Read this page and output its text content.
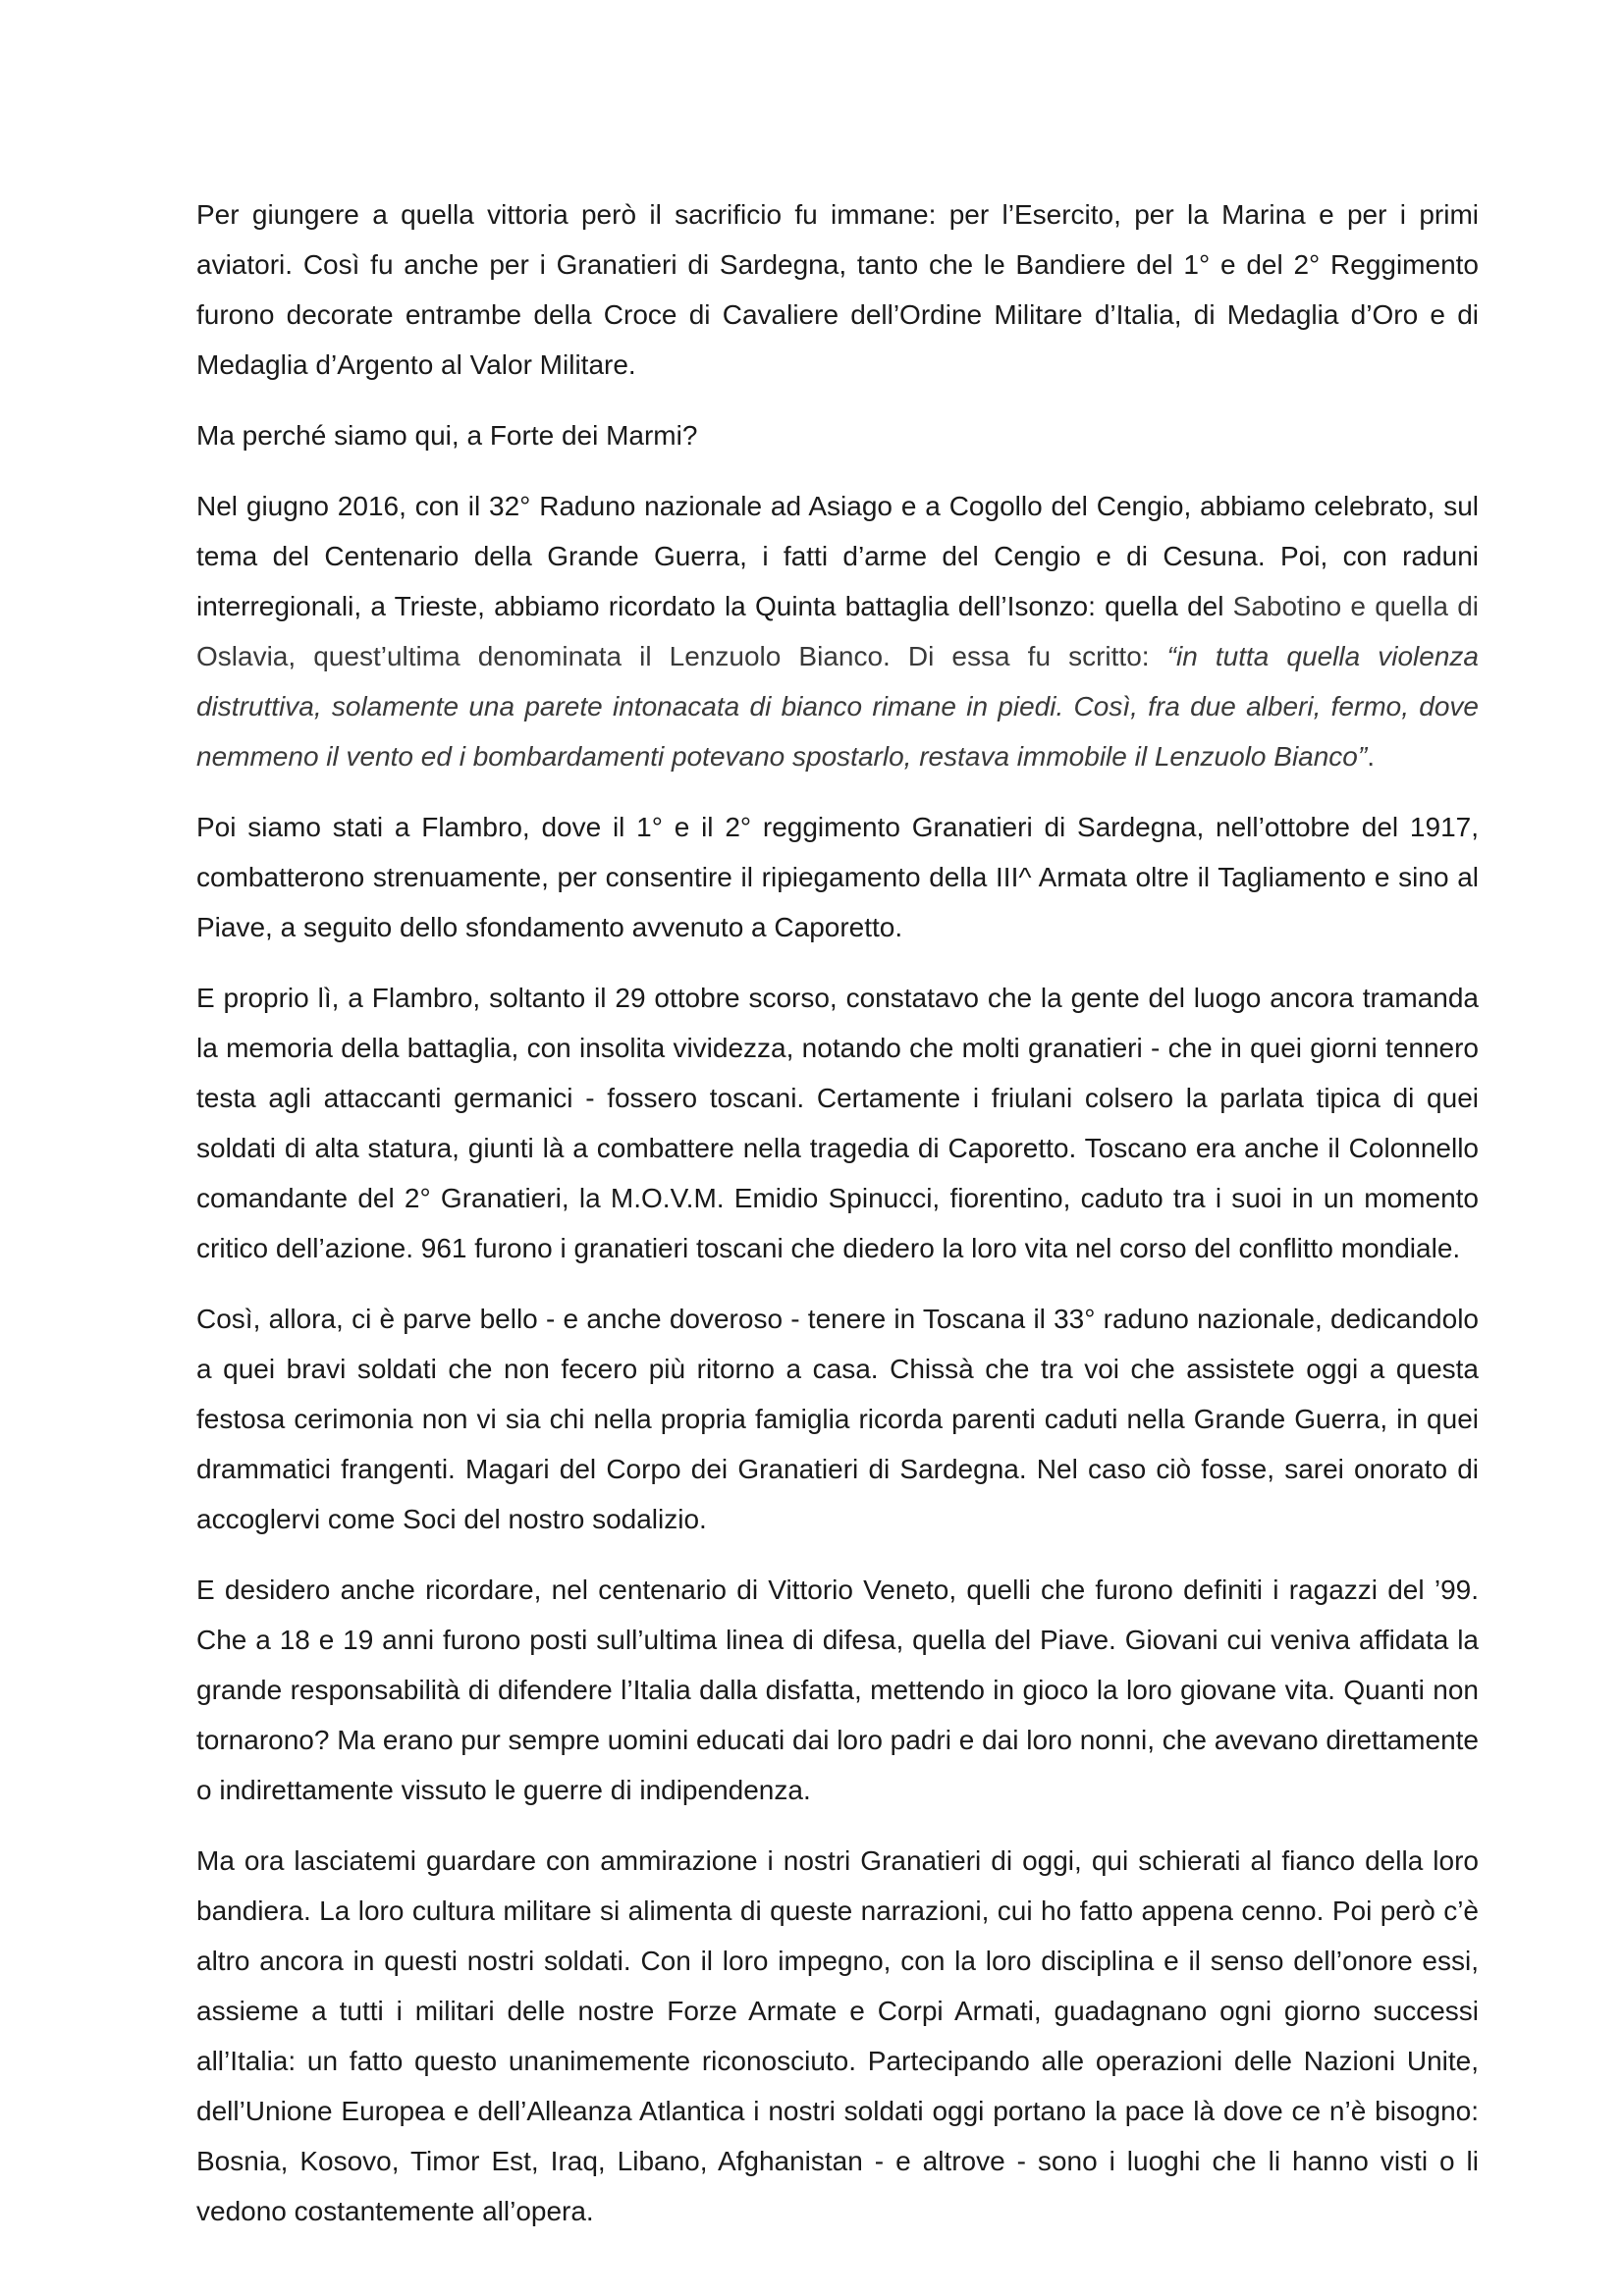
Per giungere a quella vittoria però il sacrificio fu immane: per l’Esercito, per la Marina e per i primi aviatori. Così fu anche per i Granatieri di Sardegna, tanto che le Bandiere del 1° e del 2° Reggimento furono decorate entrambe della Croce di Cavaliere dell’Ordine Militare d’Italia, di Medaglia d’Oro e di Medaglia d’Argento al Valor Militare.

Ma perché siamo qui, a Forte dei Marmi?

Nel giugno 2016, con il 32° Raduno nazionale ad Asiago e a Cogollo del Cengio, abbiamo celebrato, sul tema del Centenario della Grande Guerra, i fatti d’arme del Cengio e di Cesuna. Poi, con raduni interregionali, a Trieste, abbiamo ricordato la Quinta battaglia dell’Isonzo: quella del Sabotino e quella di Oslavia, quest’ultima denominata il Lenzuolo Bianco. Di essa fu scritto: “in tutta quella violenza distruttiva, solamente una parete intonacata di bianco rimane in piedi. Così, fra due alberi, fermo, dove nemmeno il vento ed i bombardamenti potevano spostarlo, restava immobile il Lenzuolo Bianco”.

Poi siamo stati a Flambro, dove il 1° e il 2° reggimento Granatieri di Sardegna, nell’ottobre del 1917, combatterono strenuamente, per consentire il ripiegamento della III^ Armata oltre il Tagliamento e sino al Piave, a seguito dello sfondamento avvenuto a Caporetto.

E proprio lì, a Flambro, soltanto il 29 ottobre scorso, constatavo che la gente del luogo ancora tramanda la memoria della battaglia, con insolita vividezza, notando che molti granatieri - che in quei giorni tennero testa agli attaccanti germanici - fossero toscani. Certamente i friulani colsero la parlata tipica di quei soldati di alta statura, giunti là a combattere nella tragedia di Caporetto. Toscano era anche il Colonnello comandante del 2° Granatieri, la M.O.V.M. Emidio Spinucci, fiorentino, caduto tra i suoi in un momento critico dell’azione. 961 furono i granatieri toscani che diedero la loro vita nel corso del conflitto mondiale.

Così, allora, ci è parve bello - e anche doveroso - tenere in Toscana il 33° raduno nazionale, dedicandolo a quei bravi soldati che non fecero più ritorno a casa. Chissà che tra voi che assistete oggi a questa festosa cerimonia non vi sia chi nella propria famiglia ricorda parenti caduti nella Grande Guerra, in quei drammatici frangenti. Magari del Corpo dei Granatieri di Sardegna. Nel caso ciò fosse, sarei onorato di accoglervi come Soci del nostro sodalizio.

E desidero anche ricordare, nel centenario di Vittorio Veneto, quelli che furono definiti i ragazzi del ’99. Che a 18 e 19 anni furono posti sull’ultima linea di difesa, quella del Piave. Giovani cui veniva affidata la grande responsabilità di difendere l’Italia dalla disfatta, mettendo in gioco la loro giovane vita. Quanti non tornarono? Ma erano pur sempre uomini educati dai loro padri e dai loro nonni, che avevano direttamente o indirettamente vissuto le guerre di indipendenza.

Ma ora lasciatemi guardare con ammirazione i nostri Granatieri di oggi, qui schierati al fianco della loro bandiera. La loro cultura militare si alimenta di queste narrazioni, cui ho fatto appena cenno. Poi però c’è altro ancora in questi nostri soldati. Con il loro impegno, con la loro disciplina e il senso dell’onore essi, assieme a tutti i militari delle nostre Forze Armate e Corpi Armati, guadagnano ogni giorno successi all’Italia: un fatto questo unanimemente riconosciuto. Partecipando alle operazioni delle Nazioni Unite, dell’Unione Europea e dell’Alleanza Atlantica i nostri soldati oggi portano la pace là dove ce n’è bisogno: Bosnia, Kosovo, Timor Est, Iraq, Libano, Afghanistan - e altrove - sono i luoghi che li hanno visti o li vedono costantemente all’opera.
